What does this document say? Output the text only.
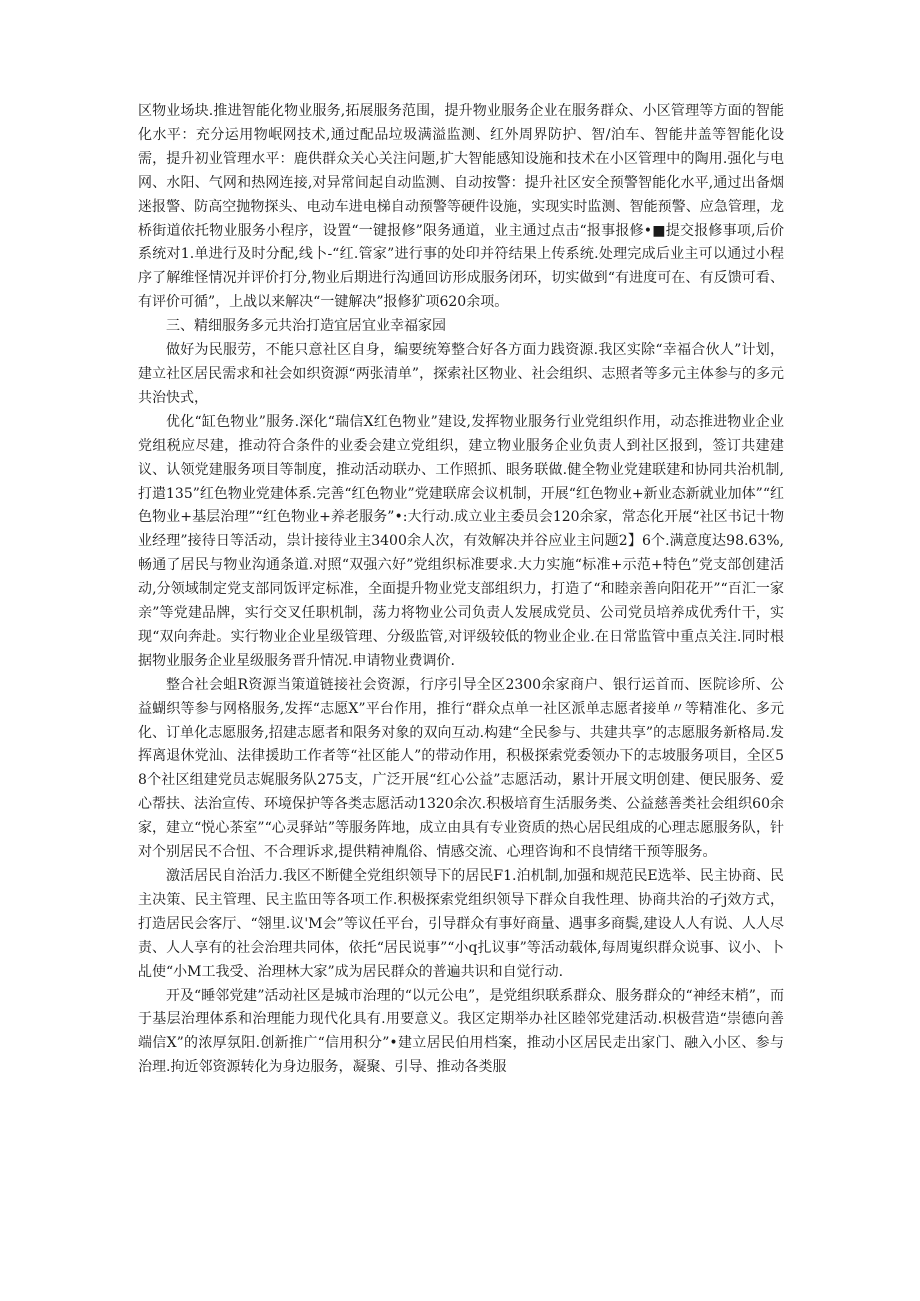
区物业场块.推进智能化物业服务,拓展服务范围，提升物业服务企业在服务群众、小区管理等方面的智能化水平：充分运用物岷网技术,通过配品垃圾满溢监测、红外周界防护、智/泊车、智能井盖等智能化设需，提升初业管理水平：鹿供群众关心关注问题,扩大智能感知设施和技术在小区管理中的陶用.强化与电网、水阳、气网和热网连接,对异常间起自动监测、自动按警：提升社区安全预警智能化水平,通过出备烟迷报警、防高空抛物探头、电动车进电梯自动预警等硬件设施，实现实时监测、智能预警、应急管理，龙桥街道依托物业服务小程序，设置“一键报修”限务通道，业主通过点击“报事报修•■提交报修事项,后价系统对1.单进行及时分配,线卜-“红.管家”进行事的处印并符结果上传系统.处理完成后业主可以通过小程序了解维怪情况并评价打分,物业后期进行沟通回访形成服务闭环，切实做到“有进度可在、有反馈可看、有评价可循”，上战以来解决“一键解决”报修犷项620余项。

三、精细服务多元共治打造宜居宜业幸福家园

做好为民服劳，不能只意社区自身，编要统筹整合好各方面力践资源.我区实除“幸福合伙人”计划，建立社区居民需求和社会如织资源“两张清单”，探索社区物业、社会组织、志照者等多元主体参与的多元共治快式，

优化“缸色物业”服务.深化“瑞信X红色物业”建设,发挥物业服务行业党组织作用，动态推进物业企业党组税应尽建，推动符合条件的业委会建立党组织，建立物业服务企业负责人到社区报到，签订共建建议、认领党建服务项目等制度，推动活动联办、工作照抓、眼务联做.健全物业党建联建和协同共治机制,打遣135”红色物业党建体系.完善“红色物业”党建联席会议机制，开展“红色物业+新业态新就业加体”“红色物业+基层治理”“红色物业+养老服务”•:大行动.成立业主委员会120余家，常态化开展“社区书记十物业经理”接待日等活动，祟计接待业主3400余人次，有效解决并谷应业主问题2】6个.满意度达98.63%,畅通了居民与物业沟通条道.对照“双强六好”党组织标准要求.大力实施“标准+示范+特色”党支部创建活动,分领域制定党支部同饭评定标准，全面提升物业党支部组织力，打造了“和睦亲善向阳花开”“百汇一家亲”等党建品牌，实行交叉任职机制，荡力将物业公司负责人发展成党员、公司党员培养成优秀什干，实现“双向奔赴。实行物业企业星级管理、分级监管,对评级较低的物业企业.在日常监管中重点关注.同时根据物业服务企业星级服务晋升情况.申请物业费调价.

整合社会蛆R资源当策道链接社会资源，行序引导全区2300余家商户、银行运首而、医院诊所、公益蝴织等参与网格服务,发挥“志愿X”平台作用，推行“群众点单一社区派单志愿者接单〃等精准化、多元化、订单化志愿服务,招建志愿者和限务对象的双向互动.构建“全民参与、共建共享”的志愿服务新格局.发挥离退休党汕、法律援助工作者等“社区能人”的带动作用，积极探索党委领办下的志坡服务项目，全区58个社区组建党员志娓服务队275支，广泛开展“红心公益”志愿活动，累计开展文明创建、便民服务、爱心帮扶、法治宣传、环境保护等各类志愿活动1320余次.积极培育生活服务类、公益慈善类社会组织60余家，建立“悦心茶室”“心灵驿站”等服务阵地，成立由具有专业资质的热心居民组成的心理志愿服务队，针对个别居民不合忸、不合理诉求,提供精神胤俗、情感交流、心理咨询和不良情绪干预等服务。

激活居民自治活力.我区不断健全党组织领导下的居民F1.泊机制,加强和规范民E选举、民主协商、民主决策、民主管理、民主监田等各项工作.积极探索党组织领导下群众自我性理、协商共治的孑j效方式，打造居民会客厅、“翎里.议'M会”等议任平台，引导群众有事好商量、遇事多商鬓,建设人人有说、人人尽责、人人享有的社会治理共同体，依托“居民说事”“小q扎议事”等活动载体,每周嵬织群众说事、议小、卜乩使“小M工我受、治理林大家”成为居民群众的普遍共识和自觉行动.

开及“睡邻党建”活动社区是城市治理的“以元公电”，是党组织联系群众、服务群众的“神经末梢”，而于基层治理体系和治理能力现代化具有.用要意义。我区定期举办社区睦邻党建活动.枳极营造“崇德向善端信X”的浓厚氛阳.创新推广“信用积分”•建立居民伯用档案，推动小区居民走出家门、融入小区、参与治理.拘近邻资源转化为身边服务，凝聚、引导、推动各类服
